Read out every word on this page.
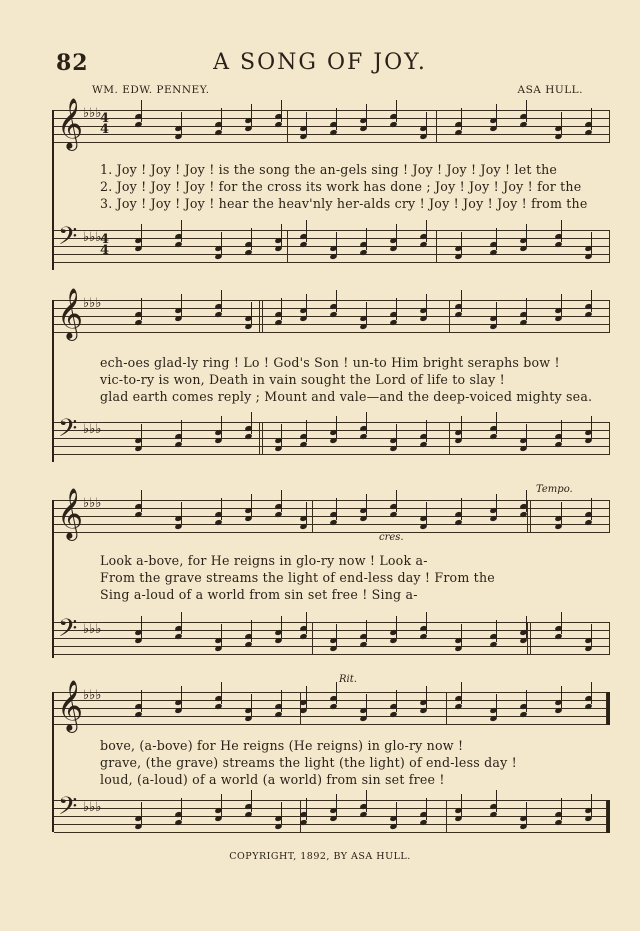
82	A SONG OF JOY.
WM. EDW. PENNEY.	ASA HULL.
𝄞 ♭♭♭
4
4
1. Joy ! Joy ! Joy ! is the song the an-gels sing ! Joy ! Joy ! Joy ! let the
2. Joy ! Joy ! Joy ! for the cross its work has done ; Joy ! Joy ! Joy ! for the
3. Joy ! Joy ! Joy ! hear the heav'nly her-alds cry ! Joy ! Joy ! Joy ! from the
𝄢 ♭♭♭
4
4
𝄞 ♭♭♭
ech-oes glad-ly ring ! Lo ! God's Son ! un-to Him bright seraphs bow !
vic-to-ry is won, Death in vain sought the Lord of life to slay !
glad earth comes reply ; Mount and vale—and the deep-voiced mighty sea.
𝄢 ♭♭♭
𝄞 ♭♭♭
cres.
Tempo.
Look a-bove, for He reigns in glo-ry now ! Look a-
From the grave streams the light of end-less day ! From the
Sing a-loud of a world from sin set free ! Sing a-
𝄢 ♭♭♭
𝄞 ♭♭♭
Rit.
bove, (a-bove) for He reigns (He reigns) in glo-ry now !
grave, (the grave) streams the light (the light) of end-less day !
loud, (a-loud) of a world (a world) from sin set free !
𝄢 ♭♭♭
COPYRIGHT, 1892, BY ASA HULL.
